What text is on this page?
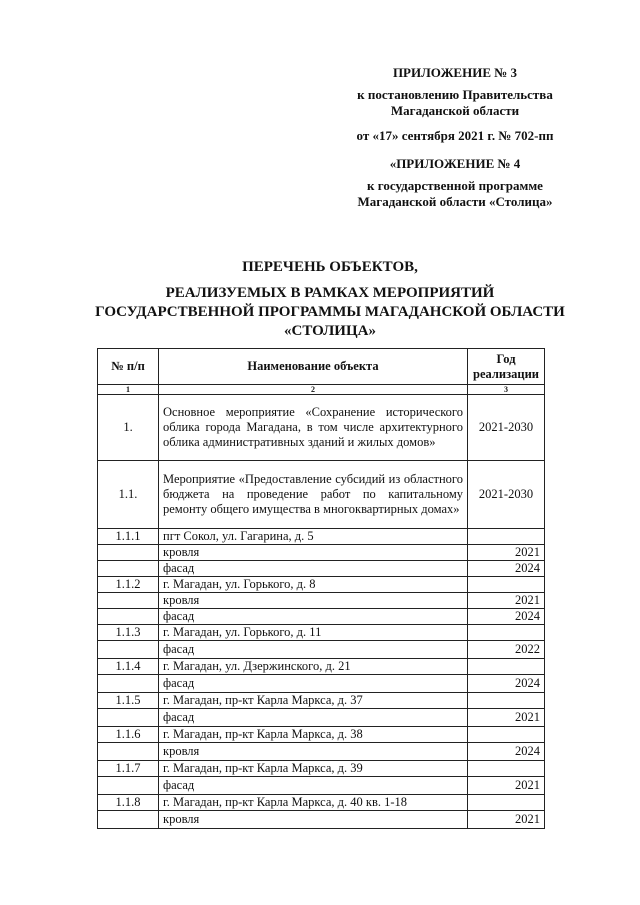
ПРИЛОЖЕНИЕ № 3
к постановлению Правительства
Магаданской области
от «17» сентября 2021 г. № 702-пп
«ПРИЛОЖЕНИЕ № 4
к государственной программе
Магаданской области «Столица»
ПЕРЕЧЕНЬ ОБЪЕКТОВ,
РЕАЛИЗУЕМЫХ В РАМКАХ МЕРОПРИЯТИЙ
ГОСУДАРСТВЕННОЙ ПРОГРАММЫ МАГАДАНСКОЙ ОБЛАСТИ
«СТОЛИЦА»
№ п/п	Наименование объекта	Год
реализации

1	2	3
1.	Основное мероприятие «Сохранение исторического облика города Магадана, в том числе архитектурного облика административных зданий и жилых домов»	2021-2030
1.1.	Мероприятие «Предоставление субсидий из областного бюджета на проведение работ по капитальному ремонту общего имущества в многоквартирных домах»	2021-2030
1.1.1	пгт Сокол, ул. Гагарина, д. 5	
	кровля	2021
	фасад	2024
1.1.2	г. Магадан, ул. Горького, д. 8	
	кровля	2021
	фасад	2024
1.1.3	г. Магадан, ул. Горького, д. 11	
	фасад	2022
1.1.4	г. Магадан, ул. Дзержинского, д. 21	
	фасад	2024
1.1.5	г. Магадан, пр-кт Карла Маркса, д. 37	
	фасад	2021
1.1.6	г. Магадан, пр-кт Карла Маркса, д. 38	
	кровля	2024
1.1.7	г. Магадан, пр-кт Карла Маркса, д. 39	
	фасад	2021
1.1.8	г. Магадан, пр-кт Карла Маркса, д. 40 кв. 1-18	
	кровля	2021
